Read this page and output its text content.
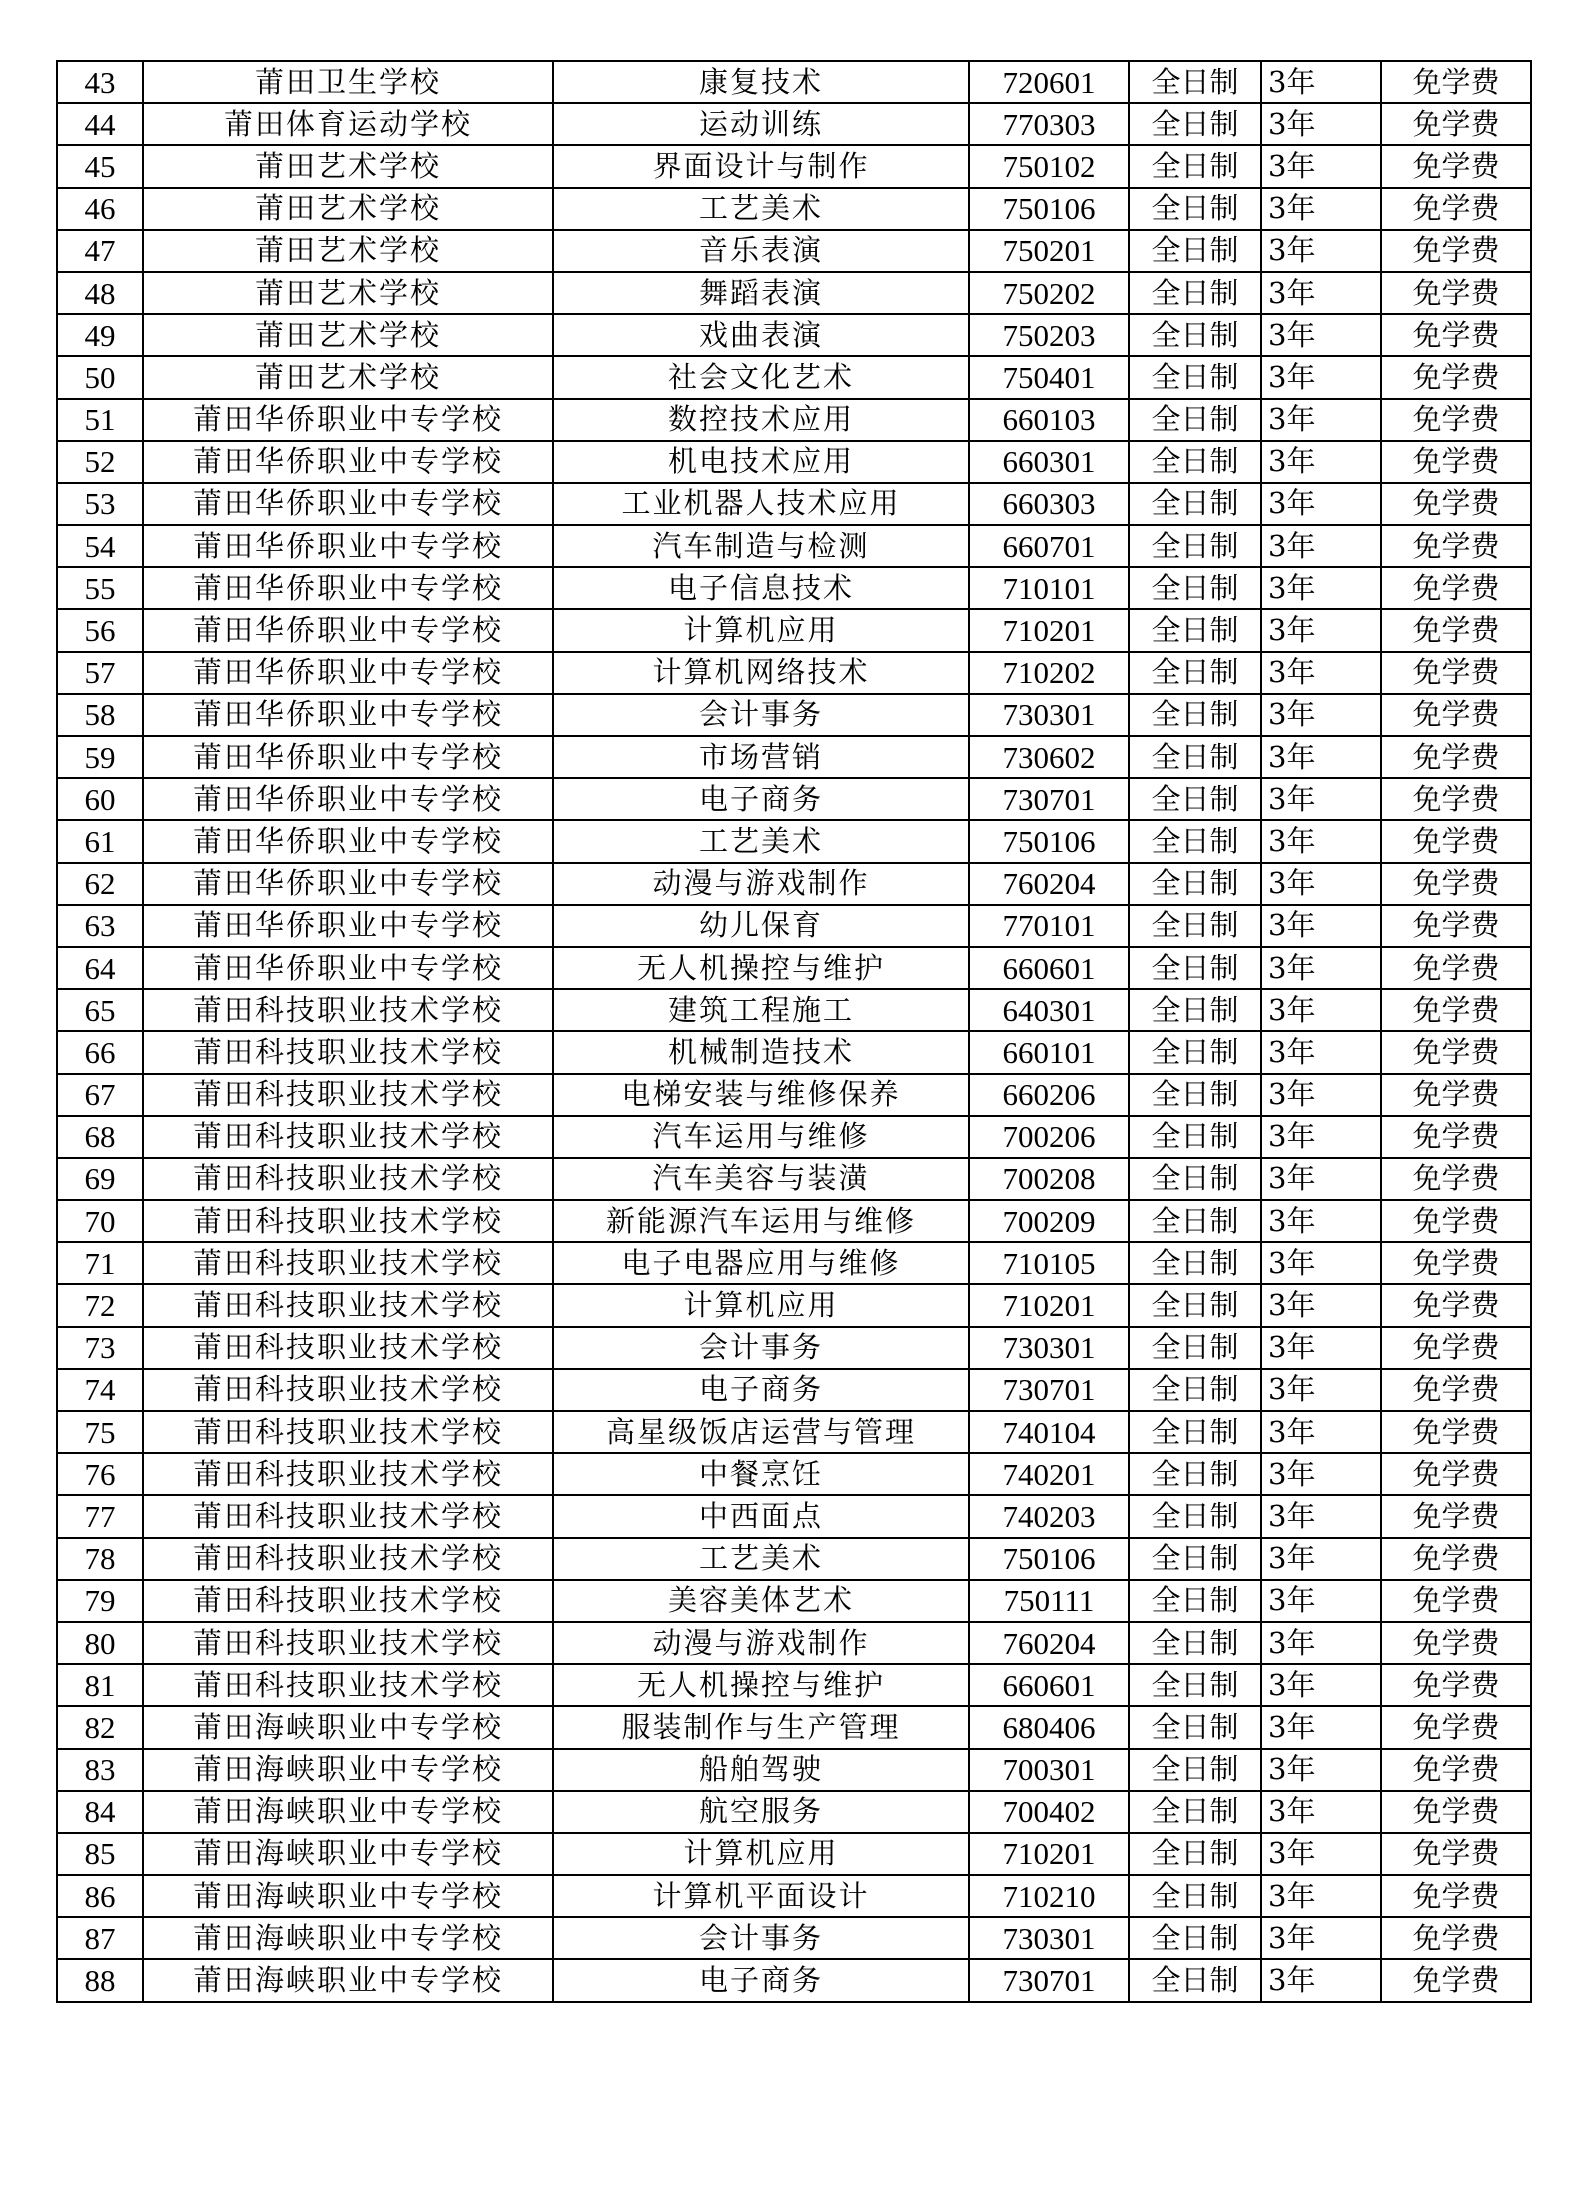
43	莆田卫生学校	康复技术	720601	全日制	3年	免学费
44	莆田体育运动学校	运动训练	770303	全日制	3年	免学费
45	莆田艺术学校	界面设计与制作	750102	全日制	3年	免学费
46	莆田艺术学校	工艺美术	750106	全日制	3年	免学费
47	莆田艺术学校	音乐表演	750201	全日制	3年	免学费
48	莆田艺术学校	舞蹈表演	750202	全日制	3年	免学费
49	莆田艺术学校	戏曲表演	750203	全日制	3年	免学费
50	莆田艺术学校	社会文化艺术	750401	全日制	3年	免学费
51	莆田华侨职业中专学校	数控技术应用	660103	全日制	3年	免学费
52	莆田华侨职业中专学校	机电技术应用	660301	全日制	3年	免学费
53	莆田华侨职业中专学校	工业机器人技术应用	660303	全日制	3年	免学费
54	莆田华侨职业中专学校	汽车制造与检测	660701	全日制	3年	免学费
55	莆田华侨职业中专学校	电子信息技术	710101	全日制	3年	免学费
56	莆田华侨职业中专学校	计算机应用	710201	全日制	3年	免学费
57	莆田华侨职业中专学校	计算机网络技术	710202	全日制	3年	免学费
58	莆田华侨职业中专学校	会计事务	730301	全日制	3年	免学费
59	莆田华侨职业中专学校	市场营销	730602	全日制	3年	免学费
60	莆田华侨职业中专学校	电子商务	730701	全日制	3年	免学费
61	莆田华侨职业中专学校	工艺美术	750106	全日制	3年	免学费
62	莆田华侨职业中专学校	动漫与游戏制作	760204	全日制	3年	免学费
63	莆田华侨职业中专学校	幼儿保育	770101	全日制	3年	免学费
64	莆田华侨职业中专学校	无人机操控与维护	660601	全日制	3年	免学费
65	莆田科技职业技术学校	建筑工程施工	640301	全日制	3年	免学费
66	莆田科技职业技术学校	机械制造技术	660101	全日制	3年	免学费
67	莆田科技职业技术学校	电梯安装与维修保养	660206	全日制	3年	免学费
68	莆田科技职业技术学校	汽车运用与维修	700206	全日制	3年	免学费
69	莆田科技职业技术学校	汽车美容与装潢	700208	全日制	3年	免学费
70	莆田科技职业技术学校	新能源汽车运用与维修	700209	全日制	3年	免学费
71	莆田科技职业技术学校	电子电器应用与维修	710105	全日制	3年	免学费
72	莆田科技职业技术学校	计算机应用	710201	全日制	3年	免学费
73	莆田科技职业技术学校	会计事务	730301	全日制	3年	免学费
74	莆田科技职业技术学校	电子商务	730701	全日制	3年	免学费
75	莆田科技职业技术学校	高星级饭店运营与管理	740104	全日制	3年	免学费
76	莆田科技职业技术学校	中餐烹饪	740201	全日制	3年	免学费
77	莆田科技职业技术学校	中西面点	740203	全日制	3年	免学费
78	莆田科技职业技术学校	工艺美术	750106	全日制	3年	免学费
79	莆田科技职业技术学校	美容美体艺术	750111	全日制	3年	免学费
80	莆田科技职业技术学校	动漫与游戏制作	760204	全日制	3年	免学费
81	莆田科技职业技术学校	无人机操控与维护	660601	全日制	3年	免学费
82	莆田海峡职业中专学校	服装制作与生产管理	680406	全日制	3年	免学费
83	莆田海峡职业中专学校	船舶驾驶	700301	全日制	3年	免学费
84	莆田海峡职业中专学校	航空服务	700402	全日制	3年	免学费
85	莆田海峡职业中专学校	计算机应用	710201	全日制	3年	免学费
86	莆田海峡职业中专学校	计算机平面设计	710210	全日制	3年	免学费
87	莆田海峡职业中专学校	会计事务	730301	全日制	3年	免学费
88	莆田海峡职业中专学校	电子商务	730701	全日制	3年	免学费
